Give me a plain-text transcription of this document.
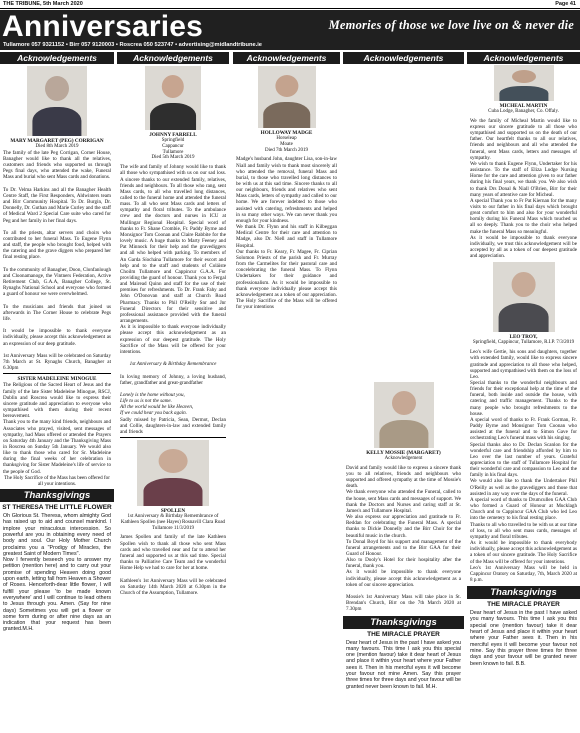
THE TRIBUNE, 5th March 2020	Page 41
Anniversaries	Memories of those we love live on & never die
Tullamore 057 9321152 • Birr 057 9120003 • Roscrea 050 523747 • advertising@midlandtribune.ie
Acknowledgements
MARY MARGARET (PEG) CORRIGAN
Died 8th March 2019

The family of the late Peg Corrigan, Corner House, Banagher would like to thank all the relatives, customers and friends who supported us through Pegs final days, who attended the wake, Funeral Mass and burial who sent Mass cards and donations.

To Dr. Velma Harkins and all the Banagher Health Centre Staff, the First Responders, Aldwinters team and Birr Community Hospital. To Dr. Burgin, Dr. Donnelly, Dr. Guthan and Marie Curley and the staff of Medical Ward 2 Special Care suite who cared for Peg and her family in her final days.

To all the priests, altar servers and choirs who contributed to her funeral Mass. To Eugene Flynn and staff, the people who brought food, helped with the catering and the grave diggers who prepared her final resting place.

To the community of Banagher, Doon, Clonfanlough and Cloonamanoge, the Vintners Federation, Active Retirement Club, G.A.A, Banagher College, St. Rynaghs National School and everyone who formed a guard of honour we were overwhelmed.

To the musicians and friends that joined us afterwards in The Corner House to celebrate Pegs life.

It would be impossible to thank everyone individually, please accept this acknowledgement as an expression of our deep gratitude.

1st Anniversary Mass will be celebrated on Saturday 7th March at St. Rynaghs Church, Banagher at 6.30pm

SISTER MADELEINE MINOGUE

The Religious of the Sacred Heart of Jesus and the family of the late Sister Madeleine Minogue, RSCJ, Dublin and Roscrea would like to express their sincere gratitude and appreciation to everyone who sympathised with them during their recent bereavement.

Thank you to the many kind friends, neighbours and Associates who prayed, visited, sent messages of sympathy, had Mass offered or attended the Prayers on Saturday 4th January and the Thanksgiving Mass in Roscrea on Sunday 5th January. We would also like to thank those who cared for Sr. Madeleine during the final weeks of her celebration in thanksgiving for Sister Madeleine's life of service to the people of God.

The Holy Sacrifice of the Mass has been offered for all your intentions.

Thanksgivings
ST THERESA THE LITTLE FLOWER

Oh Glorious St. Theresa, whom almighty God has raised up to aid and counsel mankind. I implore your miraculous intercession. So powerful are you in obtaining every need of body and soul. Our Holy Mother Church proclaims you a "Prodigy of Miracles, the greatest Saint of Modern Times".

Now I fervently beseech you to answer my petition (mention here) and to carry out your promise of spending Heaven doing good upon earth, letting fall from Heaven a Shower of Roses. Henceforth-dear little flower, I will fulfill your please 'to be made known everywhere' and I will continue to lead others to Jesus through you. Amen. (Say for nine days) Sometimes you will get a flower or some form during or after nine days as an indication that your request has been granted.M.H.

Acknowledgements
JOHNNY FARRELL
Springfield
Cappancur
Tullamore
Died 5th March 2019

The wife and family of Johnny would like to thank all those who sympathised with us on our sad loss. A sincere thanks to our extended family, relatives, friends and neighbours. To all those who rang, sent Mass cards, to all who travelled long distances, called to the funeral home and attended the funeral mass. To all who sent Mass cards and letters of sympathy and floral tributes. To the ambulance crew and the doctors and nurses in ICU at Mullingar Regional Hospital. Special word of thanks to Fr. Shane Crombie, Fr. Paddy Byrne and Monsignor Tom Coonan and Claire Rabbite for the lovely music. A huge thanks to Marty Feeney and Pat Minnock for their help and the gravediggers and all who helped with parking. To members of An Garda Síochána Tullamore for their escort and help and to the staff and students of Coláiste Choilm Tullamore and Cappincur G.A.A. For providing the guard of honour. Thank you to Fergal and Mairead Quinn and staff for the use of their premises for refreshments. To Dr. Frank Fahy and John O'Donovan and staff at Church Road Pharmacy. Thanks to Phil O'Reilly Snr and Jnr Funeral Directors for their sensitive and professional assistance provided with the funeral arrangements.

As it is impossible to thank everyone individually please accept this acknowledgement as an expression of our deepest gratitude. The Holy Sacrifice of the Mass will be offered for your intentions.

1st Anniversary & Birthday Remembrance

In loving memory of Johnny, a loving husband, father, grandfather and great-grandfather

Lonely is the home without you,

Life to us is not the same.

All the world would be like Heaven,

If we could hear you back again.

Sadly missed by Patricia, Sean, Dermot, Declan and Collie, daughters-in-law and extended family and friends

SPOLLEN
1st Anniversary & Birthday Remembrance of Kathleen Spollen (nee Hayes) Rosnavill Clara Road Tullamore 11/3/2019

James Spollen and family of the late Kathleen Spollen wish to thank all those who sent Mass cards and who travelled near and far to attend her funeral and supported us at this sad time. Special thanks to Palliative Care Team and the wonderful Home Help we had to care for her at home.

Kathleen's 1st Anniversary Mass will be celebrated on Saturday 14th March 2020 at 6.30pm in the Church of the Assumption, Tullamore.

Acknowledgements
HOLLOWAY MADGE
Horseleap
Moate
Died 7th March 2019

Madge's husband John, daughter Lisa, son-in-law Niall and family wish to thank most sincerely all who attended the removal, funeral Mass and burial, to those who travelled long distances to be with us at this sad time. Sincere thanks to all our neighbours, friends and relatives who sent Mass cards, letters of sympathy and called to our home. We are forever indebted to those who assisted with catering, refreshments and helped in so many other ways. We can never thank you enough for your kindness.

We thank Dr. Flynn and his staff in Kilbeggan Medical Centre for their care and attention to Madge, also Dr. Niell and staff in Tullamore Hospital.

Our thanks to Fr. Keary, Fr. Magee, Fr. Ciprian Solomon Priests of the parish and Fr. Murray from the Carmelites for their pastoral care and concelebrating the funeral Mass. To Flynn Undertakers for their guidance and professionalism. As it would be impossible to thank everyone individually please accept this acknowledgement as a token of our appreciation. The Holy Sacrifice of the Mass will be offered for your intentions

Acknowledgements
KELLY MOSSIE (MARGARET)
Acknowledgement

David and family would like to express a sincere thank you to all relatives, friends and neighbours who supported and offered sympathy at the time of Mossie's death.

We thank everyone who attended the Funeral, called to the house, sent Mass cards and messages of support. We thank the Doctors and Nurses and caring staff at St. James's and Tullamore Hospital.

We also express our appreciation and gratitude to Fr. Reddan for celebrating the Funeral Mass. A special thanks to Dickie Donnelly and the Birr Choir for the beautiful music in the church.

To Donal Boyd for his support and management of the funeral arrangements and to the Birr GAA for their Guard of Honour.

Also to Dooly's Hotel for their hospitality after the funeral, thank you.

As it would be impossible to thank everyone individually, please accept this acknowledgement as a token of our sincere appreciation.

Mossie's 1st Anniversary Mass will take place in St. Brendan's Church, Birr on the 7th March 2020 at 7.30pm

Thanksgivings
THE MIRACLE PRAYER

Dear heart of Jesus in the past I have asked you many favours. This time I ask you this special one (mention favour) take it dear heart of Jesus and place it within your heart where your Father sees it. Then in his merciful eyes it will become your favour not mine Amen. Say this prayer three times for three days and your favour will be granted never been known to fail. M.H.

Acknowledgements
MICHEAL MARTIN
Cuba Lodge, Banagher, Co. Offaly.

We the family of Micheal Martin would like to express our sincere gratitude to all those who sympathised and supported us on the death of our father. Our heartfelt thanks to all our relatives, friends and neighbours and all who attended the funeral, sent Mass cards, letters and messages of sympathy.

We wish to thank Eugene Flynn, Undertaker for his assistance. To the staff of Eliza Lodge Nursing Home for the care and attention given to our father during his final years, we thank you. We also wish to thank Drs Donal & Niall O'Brien, Birr for their many years of attentive care for Micheal.

A special Thank you to Fr Pat Kiernan for the many visits to our father in his final days which brought great comfort to him and also for your wonderful homily during his Funeral Mass which touched us all so deeply. Thank you to the choir who helped make the funeral Mass so meaningful.

As it would be impossible to thank everyone individually, we trust this acknowledgement will be accepted by all as a token of our deepest gratitude and appreciation.

LEO TROY,
Springfield, Cappincur, Tullamore, R.I.P. 7/3/2019

Leo's wife Gertie, his sons and daughters, together with extended family, would like to express sincere gratitude and appreciation to all those who helped, supported and sympathised with them on the loss of Leo.

Special thanks to the wonderful neighbours and friends for their exceptional help at the time of the funeral, both inside and outside the house, with catering and traffic management. Thanks to the many people who brought refreshments to the house.

A special word of thanks to Fr. Frank Gorman, Fr. Paddy Byrne and Monsignor Tom Coonan who assisted at the funeral and to Simon Gave for orchestrating Leo's funeral mass with his singing.

Special thanks also to Dr. Declan Scanlon for the wonderful care and friendship afforded by him to Leo over the last number of years. Grateful appreciation to the staff of Tullamore Hospital for their wonderful care and compassion to Leo and the family in his final days.

We would also like to thank the Undertaker Phil O'Reilly as well as the gravediggers and those that assisted in any way over the days of the funeral.

A special word of thanks to Drumcullen GAA Club who formed a Guard of Honour at Mucklagh Church and to Cappincur GAA Club who led Leo into the cemetery to his final resting place.

Thanks to all who travelled to be with us at our time of loss, to all who sent mass cards, messages of sympathy and floral tributes.

As it would be impossible to thank everybody individually, please accept this acknowledgement as a token of our sincere gratitude. The Holy Sacrifice of the Mass will be offered for your intentions.

Leo's 1st Anniversary Mass will be held in Cappincur Oratory on Saturday, 7th, March 2020 at 8 p.m.

Thanksgivings
THE MIRACLE PRAYER

Dear heart of Jesus in the past I have asked you many favours. This time I ask you this special one (mention favour) take it dear heart of Jesus and place it within your heart where your Father sees it. Then in his merciful eyes it will become your favour not mine. Say this prayer three times for three days and your favour will be granted never been known to fail. B.B.
